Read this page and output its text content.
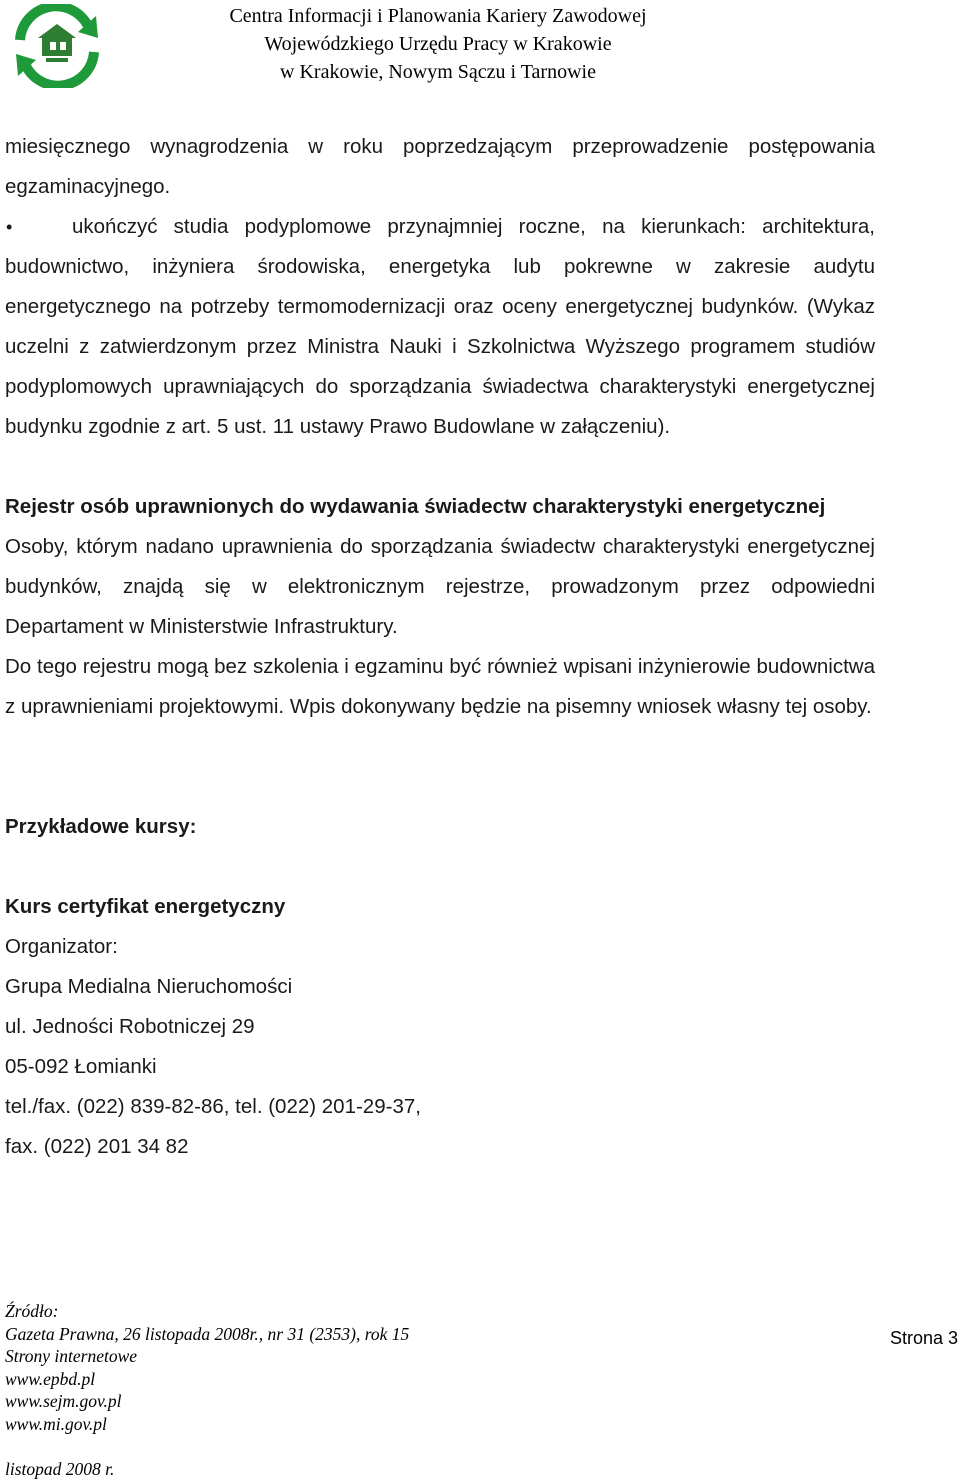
Centra Informacji i Planowania Kariery Zawodowej
Wojewódzkiego Urzędu Pracy w Krakowie
w Krakowie, Nowym Sączu i Tarnowie

miesięcznego wynagrodzenia w roku poprzedzającym przeprowadzenie postępowania egzaminacyjnego.

•	ukończyć studia podyplomowe przynajmniej roczne, na kierunkach: architektura, budownictwo, inżyniera środowiska, energetyka lub pokrewne w zakresie audytu energetycznego na potrzeby termomodernizacji oraz oceny energetycznej budynków. (Wykaz uczelni z zatwierdzonym przez Ministra Nauki i Szkolnictwa Wyższego programem studiów podyplomowych uprawniających do sporządzania świadectwa charakterystyki energetycznej budynku zgodnie z art. 5 ust. 11 ustawy Prawo Budowlane w załączeniu).

Rejestr osób uprawnionych do wydawania świadectw charakterystyki energetycznej

Osoby, którym nadano uprawnienia do sporządzania świadectw charakterystyki energetycznej budynków, znajdą się w elektronicznym rejestrze, prowadzonym przez odpowiedni Departament w Ministerstwie Infrastruktury.

Do tego rejestru mogą bez szkolenia i egzaminu być również wpisani inżynierowie budownictwa z uprawnieniami projektowymi. Wpis dokonywany będzie na pisemny wniosek własny tej osoby.

Przykładowe kursy:

Kurs certyfikat energetyczny

Organizator:

Grupa Medialna Nieruchomości

ul. Jedności Robotniczej 29

05-092 Łomianki

tel./fax. (022) 839-82-86, tel. (022) 201-29-37,

fax. (022) 201 34 82

Źródło:
Gazeta Prawna, 26 listopada 2008r., nr 31 (2353), rok 15
Strony internetowe
www.epbd.pl
www.sejm.gov.pl
www.mi.gov.pl
listopad 2008 r.
Strona 3
